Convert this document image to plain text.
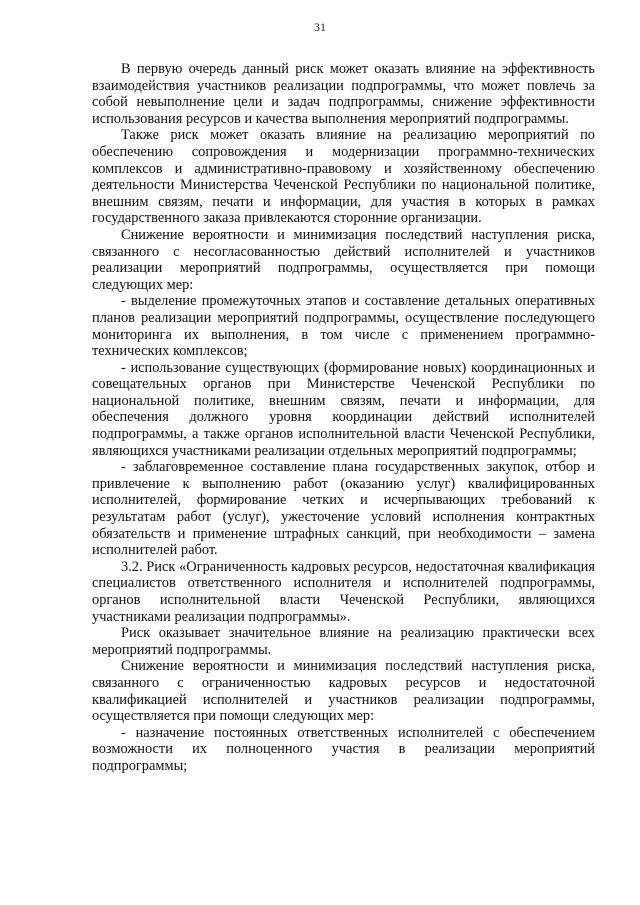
31

В первую очередь данный риск может оказать влияние на эффективность взаимодействия участников реализации подпрограммы, что может повлечь за собой невыполнение цели и задач подпрограммы, снижение эффективности использования ресурсов и качества выполнения мероприятий подпрограммы.

Также риск может оказать влияние на реализацию мероприятий по обеспечению сопровождения и модернизации программно-технических комплексов и административно-правовому и хозяйственному обеспечению деятельности Министерства Чеченской Республики по национальной политике, внешним связям, печати и информации, для участия в которых в рамках государственного заказа привлекаются сторонние организации.

Снижение вероятности и минимизация последствий наступления риска, связанного с несогласованностью действий исполнителей и участников реализации мероприятий подпрограммы, осуществляется при помощи следующих мер:

- выделение промежуточных этапов и составление детальных оперативных планов реализации мероприятий подпрограммы, осуществление последующего мониторинга их выполнения, в том числе с применением программно-технических комплексов;

- использование существующих (формирование новых) координационных и совещательных органов при Министерстве Чеченской Республики по национальной политике, внешним связям, печати и информации, для обеспечения должного уровня координации действий исполнителей подпрограммы, а также органов исполнительной власти Чеченской Республики, являющихся участниками реализации отдельных мероприятий подпрограммы;

- заблаговременное составление плана государственных закупок, отбор и привлечение к выполнению работ (оказанию услуг) квалифицированных исполнителей, формирование четких и исчерпывающих требований к результатам работ (услуг), ужесточение условий исполнения контрактных обязательств и применение штрафных санкций, при необходимости – замена исполнителей работ.

3.2. Риск «Ограниченность кадровых ресурсов, недостаточная квалификация специалистов ответственного исполнителя и исполнителей подпрограммы, органов исполнительной власти Чеченской Республики, являющихся участниками реализации подпрограммы».

Риск оказывает значительное влияние на реализацию практически всех мероприятий подпрограммы.

Снижение вероятности и минимизация последствий наступления риска, связанного с ограниченностью кадровых ресурсов и недостаточной квалификацией исполнителей и участников реализации подпрограммы, осуществляется при помощи следующих мер:

- назначение постоянных ответственных исполнителей с обеспечением возможности их полноценного участия в реализации мероприятий подпрограммы;
